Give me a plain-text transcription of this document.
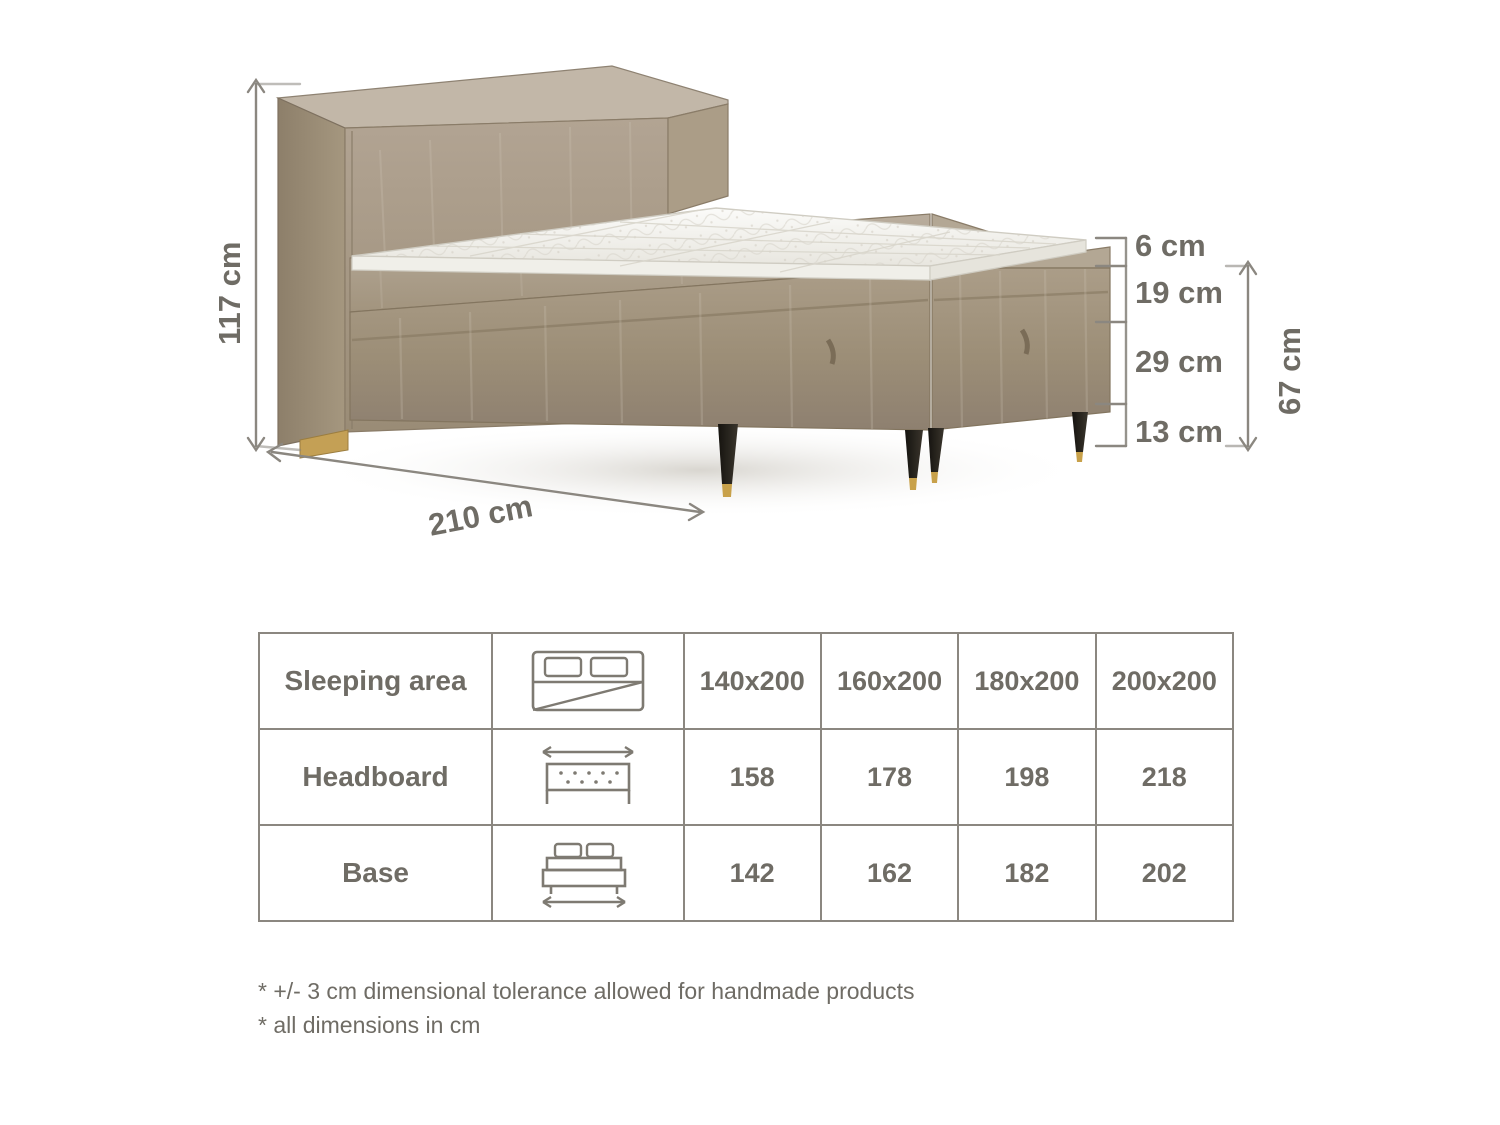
117 cm
67 cm
210 cm
6 cm
19 cm
29 cm
13 cm
Sleeping area		140x200	160x200	180x200	200x200
Headboard		158	178	198	218
Base		142	162	182	202
* +/- 3 cm dimensional tolerance allowed for handmade products
* all dimensions in cm
